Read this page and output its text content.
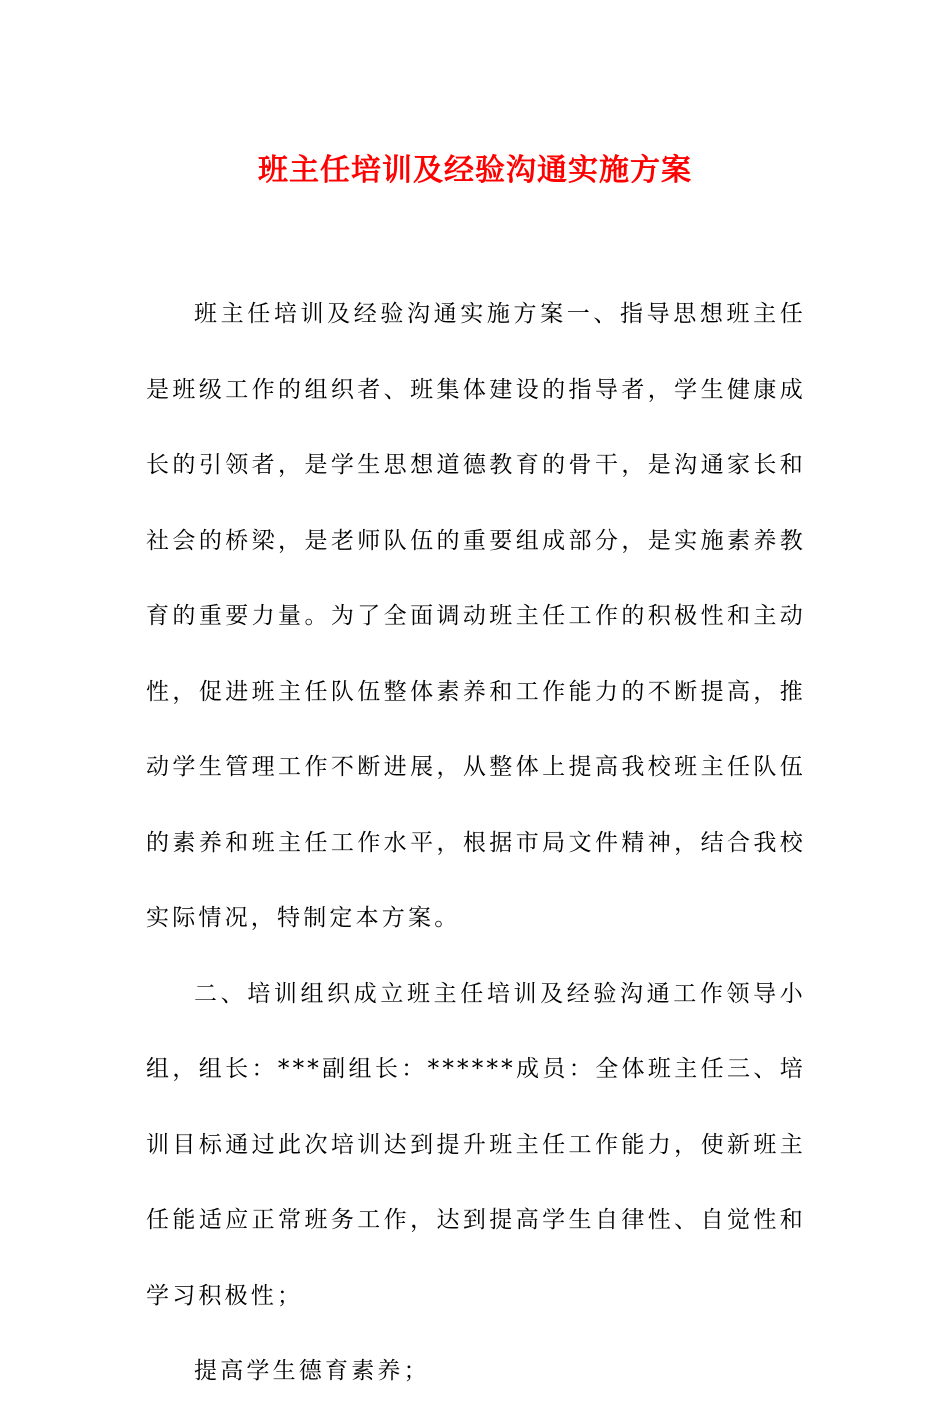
班主任培训及经验沟通实施方案

班主任培训及经验沟通实施方案一、指导思想班主任是班级工作的组织者、班集体建设的指导者，学生健康成长的引领者，是学生思想道德教育的骨干，是沟通家长和社会的桥梁，是老师队伍的重要组成部分，是实施素养教育的重要力量。为了全面调动班主任工作的积极性和主动性，促进班主任队伍整体素养和工作能力的不断提高，推动学生管理工作不断进展，从整体上提高我校班主任队伍的素养和班主任工作水平，根据市局文件精神，结合我校实际情况，特制定本方案。

二、培训组织成立班主任培训及经验沟通工作领导小组，组长：***副组长：******成员：全体班主任三、培训目标通过此次培训达到提升班主任工作能力，使新班主任能适应正常班务工作，达到提高学生自律性、自觉性和学习积极性；

提高学生德育素养；
